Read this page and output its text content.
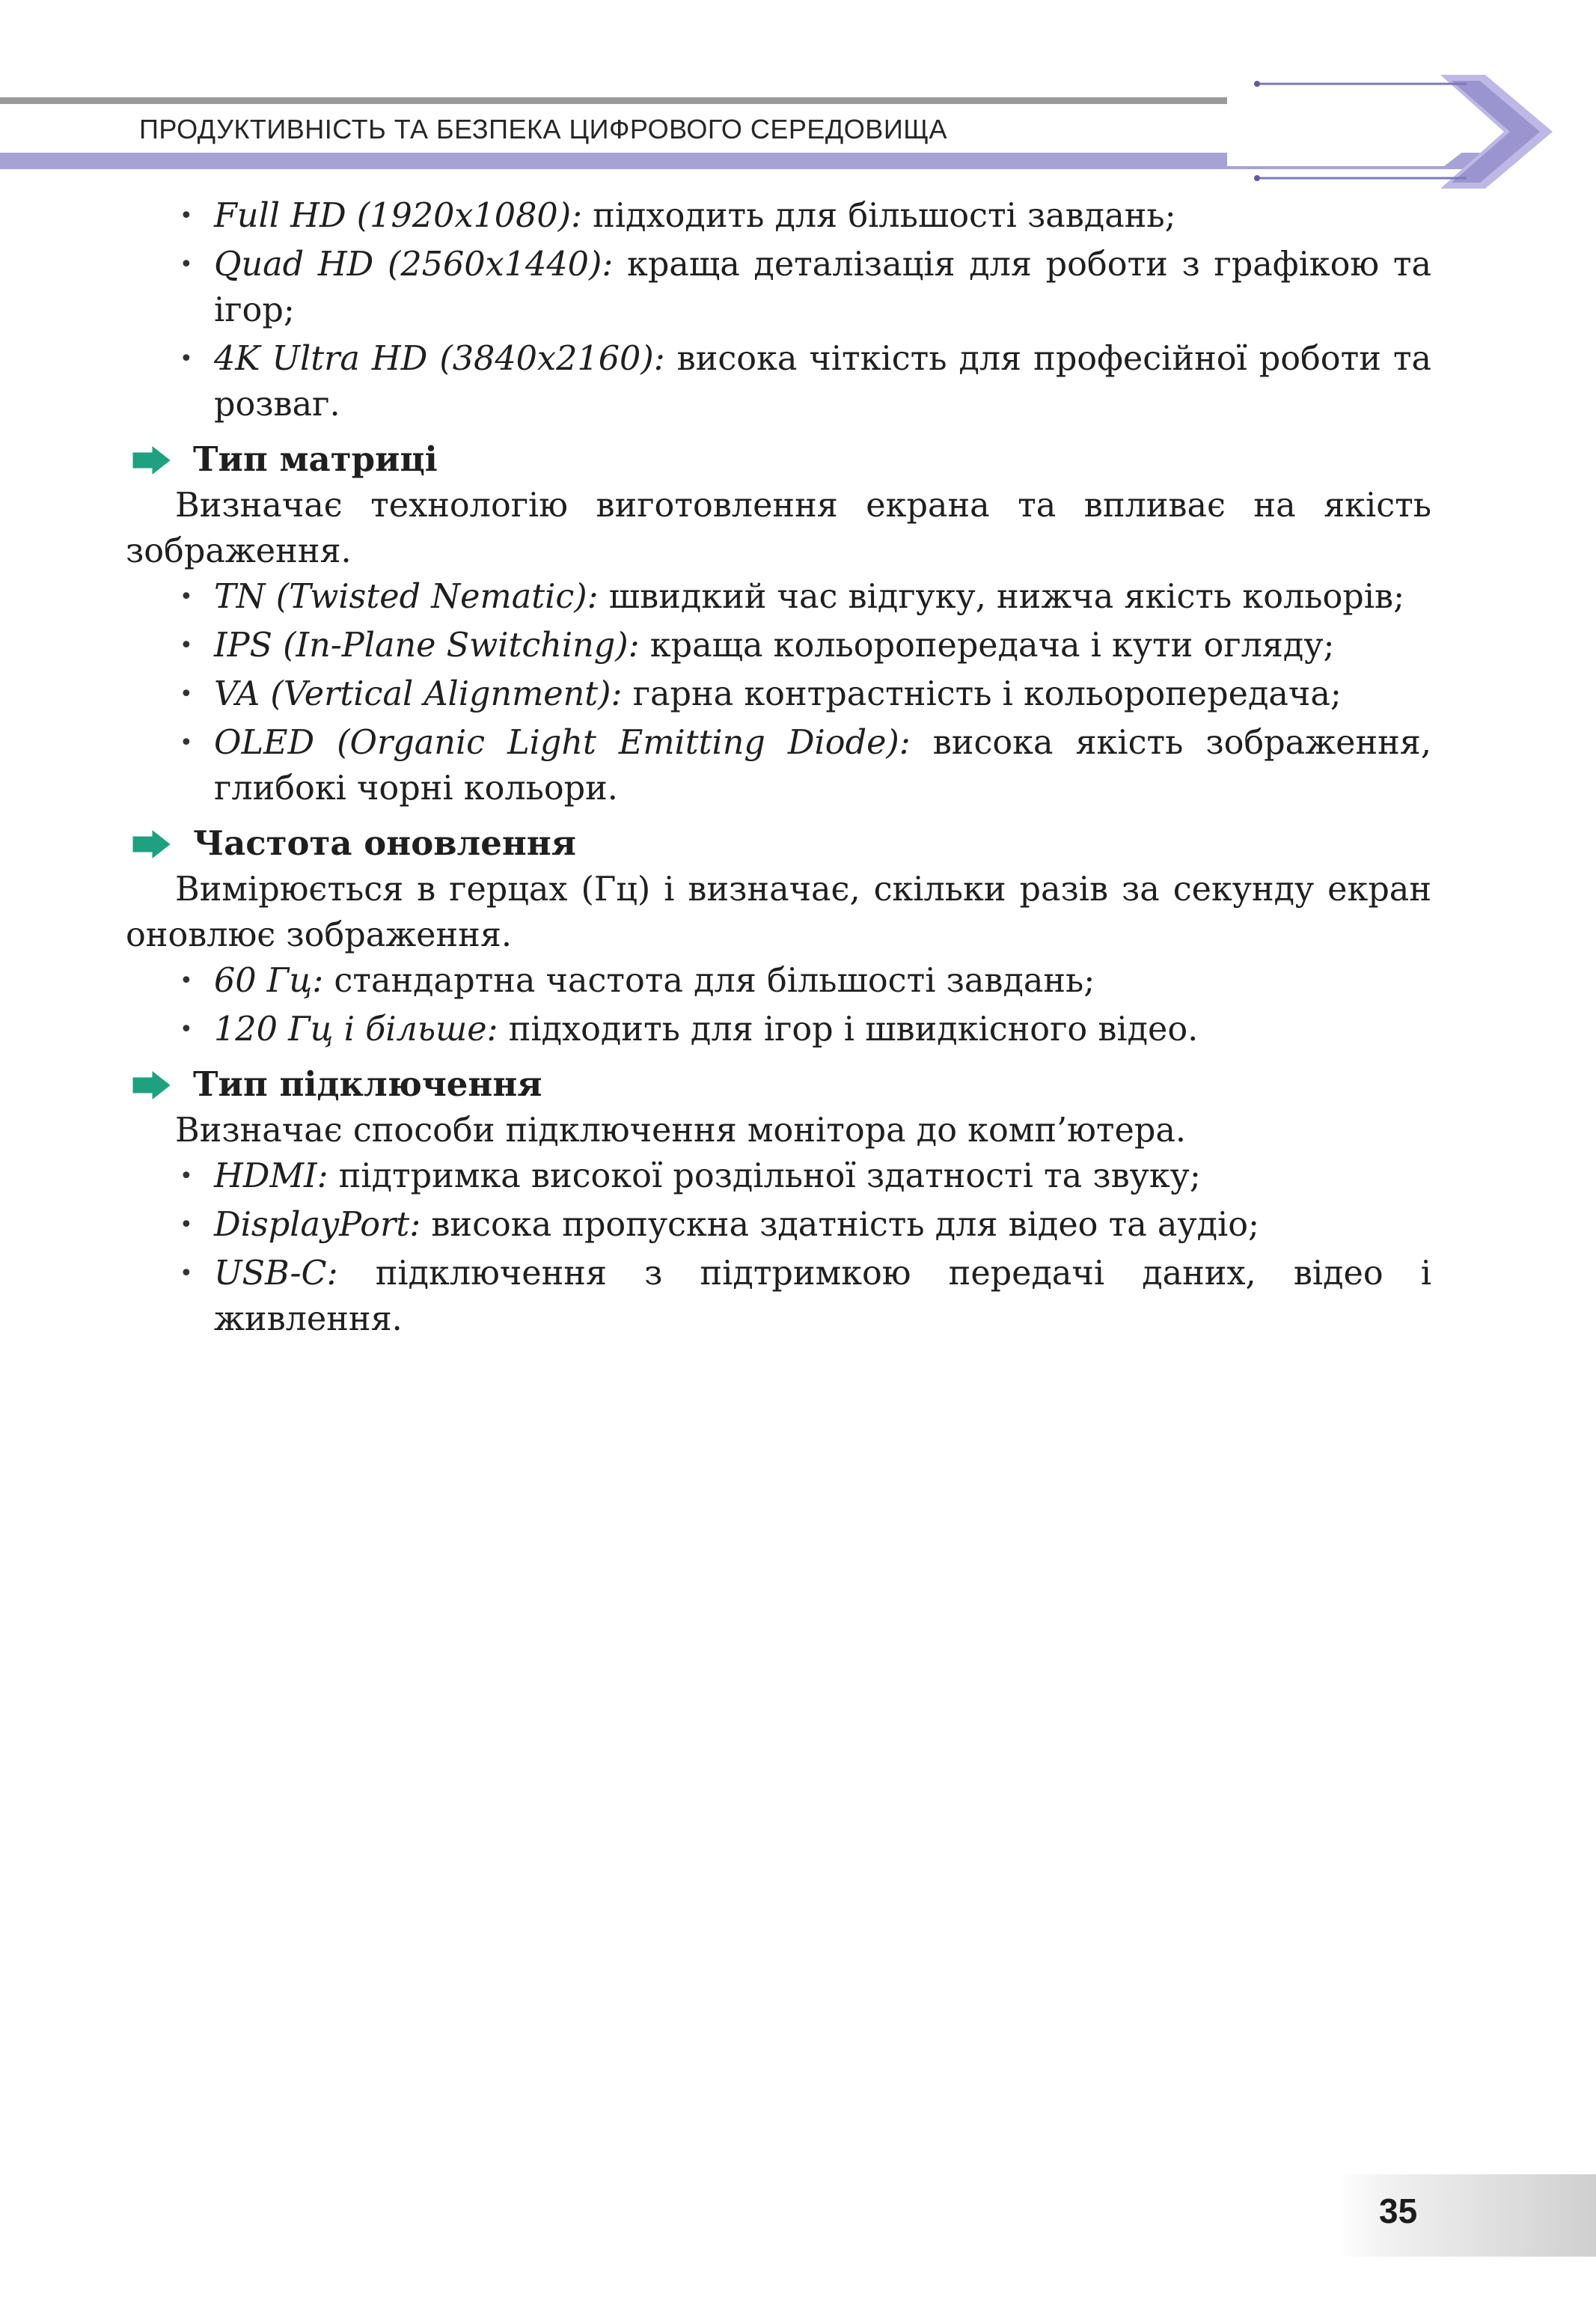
ПРОДУКТИВНІСТЬ ТА БЕЗПЕКА ЦИФРОВОГО СЕРЕДОВИЩА
• Full HD (1920x1080): підходить для більшості завдань;
• Quad HD (2560x1440): краща деталізація для роботи з графікою та ігор;
• 4K Ultra HD (3840x2160): висока чіткість для професійної роботи та розваг.
Тип матриці

Визначає технологію виготовлення екрана та впливає на якість зображення.

• TN (Twisted Nematic): швидкий час відгуку, нижча якість кольорів;
• IPS (In-Plane Switching): краща кольоропередача і кути огляду;
• VA (Vertical Alignment): гарна контрастність і кольоропередача;
• OLED (Organic Light Emitting Diode): висока якість зображення, глибокі чорні кольори.
Частота оновлення

Вимірюється в герцах (Гц) і визначає, скільки разів за секунду екран оновлює зображення.

• 60 Гц: стандартна частота для більшості завдань;
• 120 Гц і більше: підходить для ігор і швидкісного відео.
Тип підключення

Визначає способи підключення монітора до комп’ютера.

• HDMI: підтримка високої роздільної здатності та звуку;
• DisplayPort: висока пропускна здатність для відео та аудіо;
• USB-C: підключення з підтримкою передачі даних, відео і живлення.
35
